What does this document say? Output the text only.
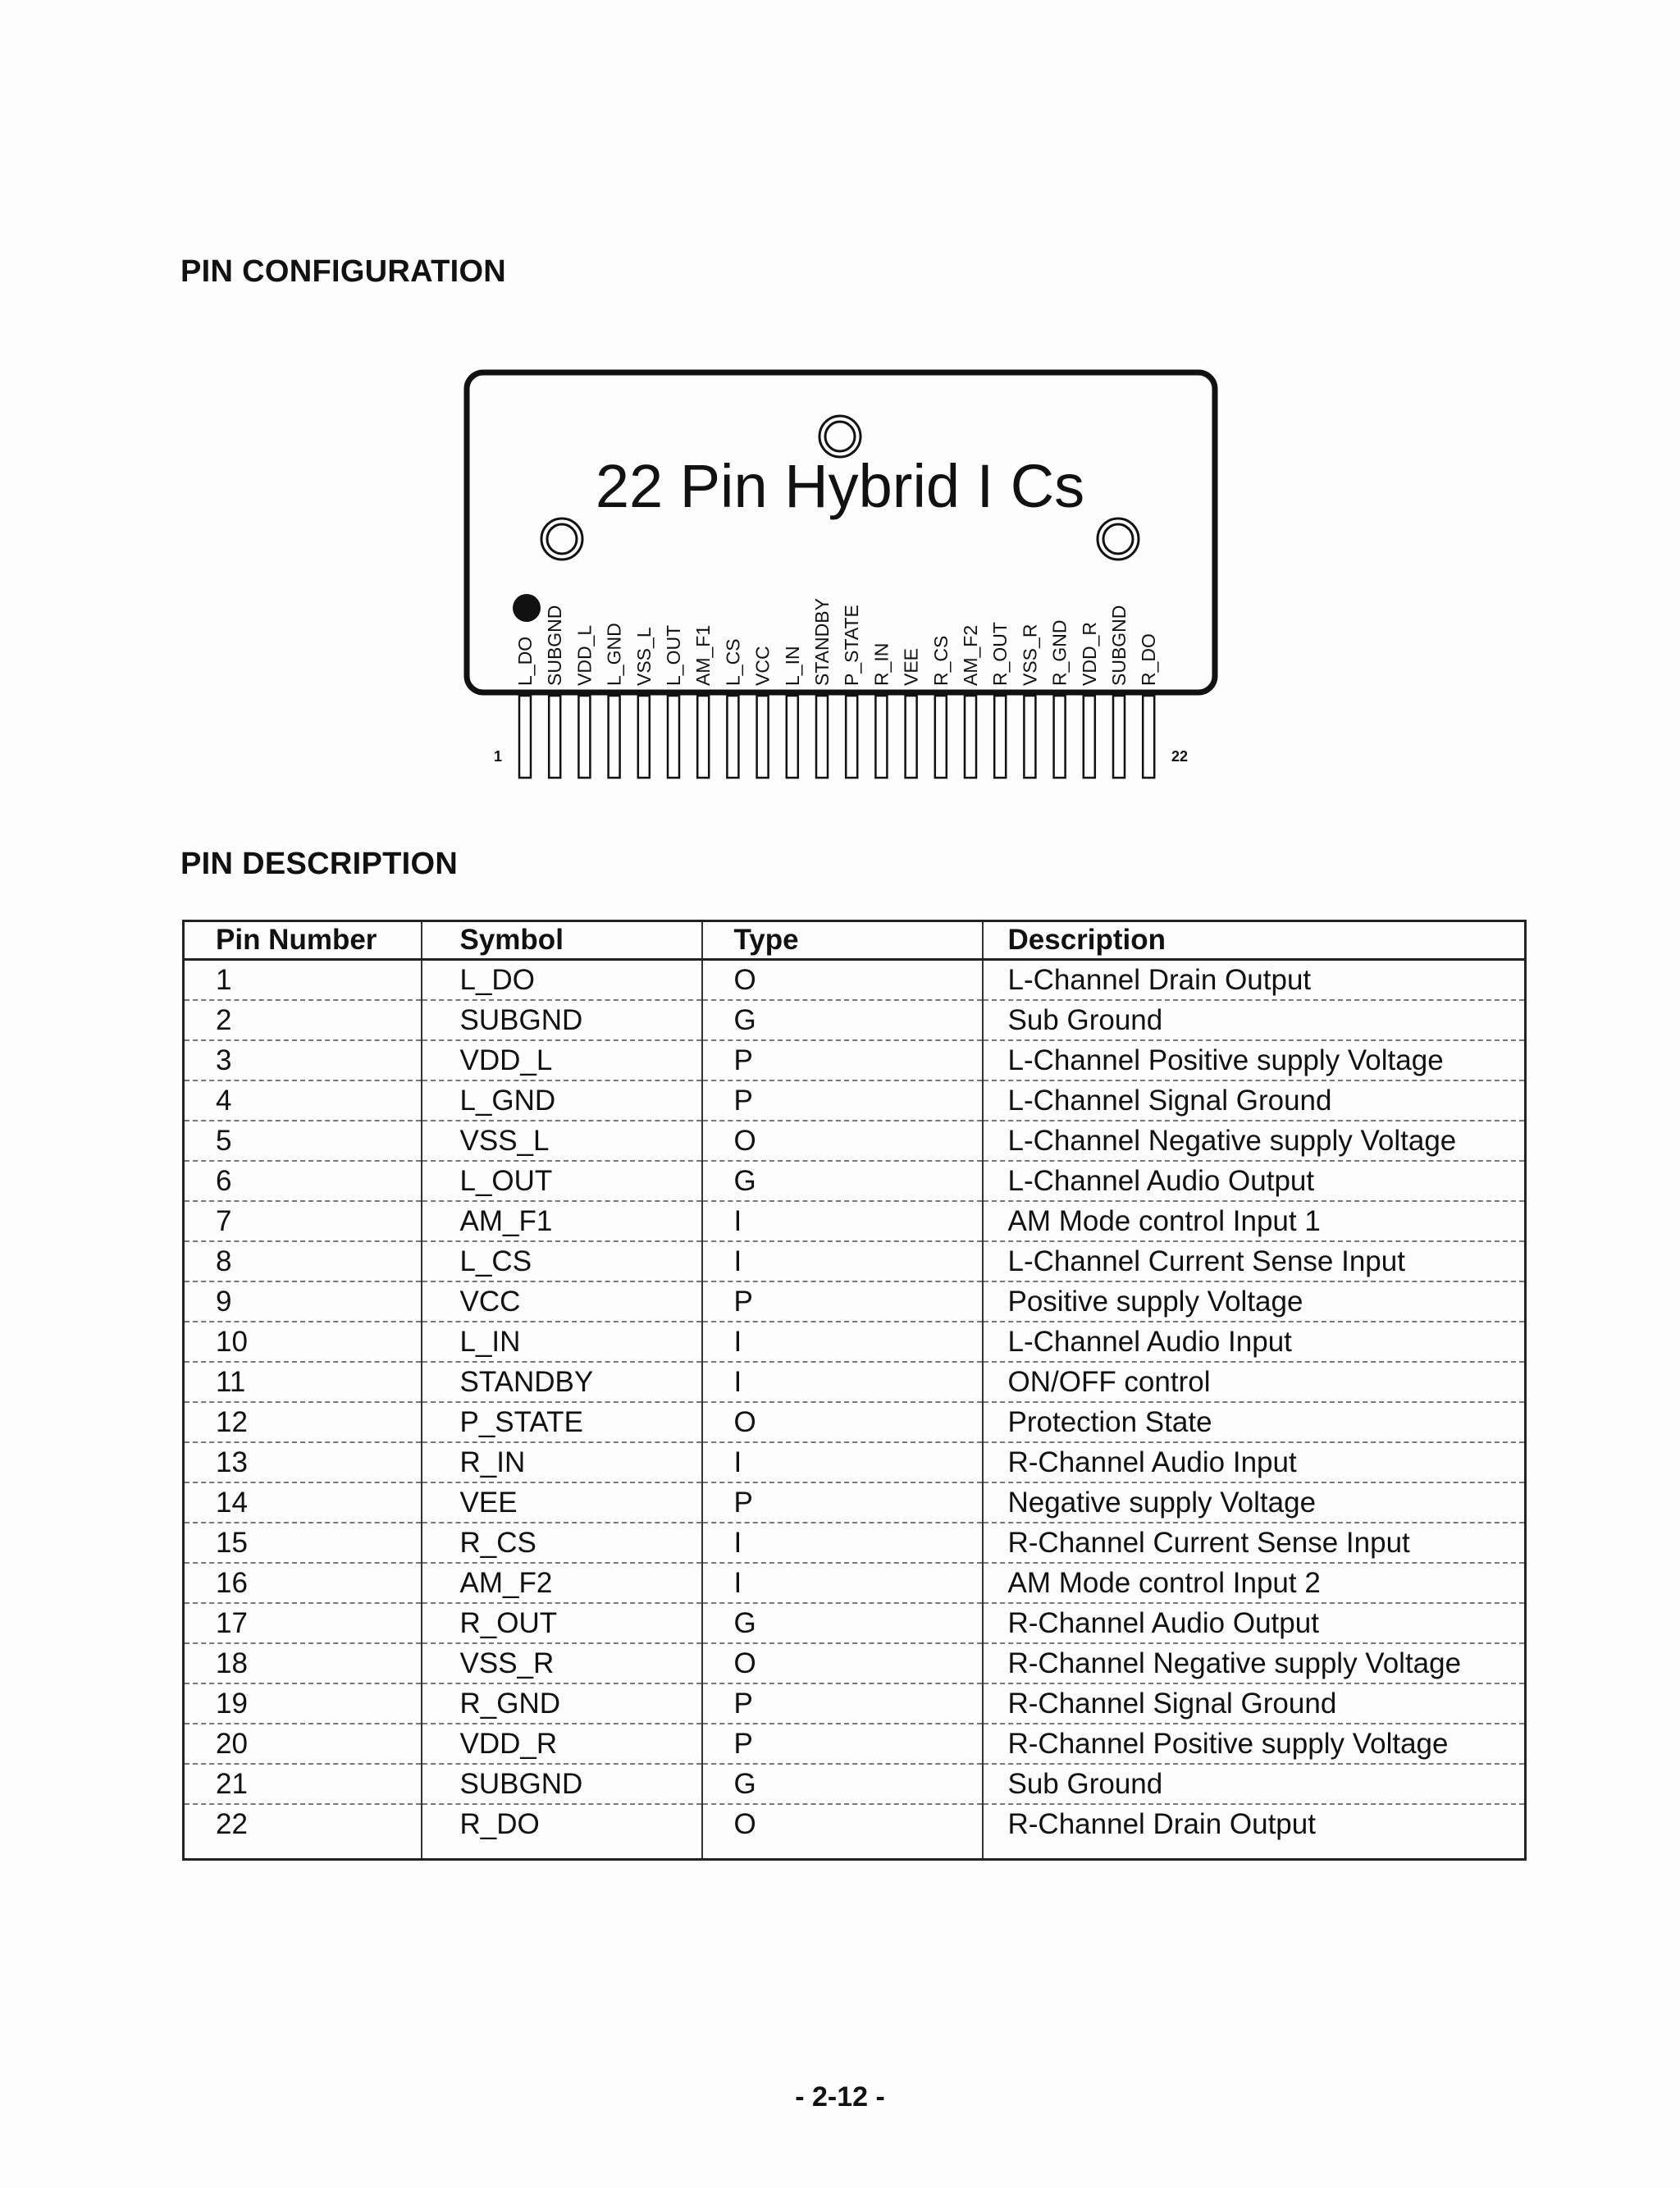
PIN CONFIGURATION
22 Pin Hybrid I Cs
L_DO SUBGND VDD_L L_GND VSS_L L_OUT AM_F1 L_CS VCC L_IN STANDBY P_STATE R_IN VEE R_CS AM_F2 R_OUT VSS_R R_GND VDD_R SUBGND R_DO
1	22
PIN DESCRIPTION
Pin Number	Symbol	Type	Description
1	L_DO	O	L-Channel Drain Output
2	SUBGND	G	Sub Ground
3	VDD_L	P	L-Channel Positive supply Voltage
4	L_GND	P	L-Channel Signal Ground
5	VSS_L	O	L-Channel Negative supply Voltage
6	L_OUT	G	L-Channel Audio Output
7	AM_F1	I	AM Mode control Input 1
8	L_CS	I	L-Channel Current Sense Input
9	VCC	P	Positive supply Voltage
10	L_IN	I	L-Channel Audio Input
11	STANDBY	I	ON/OFF control
12	P_STATE	O	Protection State
13	R_IN	I	R-Channel Audio Input
14	VEE	P	Negative supply Voltage
15	R_CS	I	R-Channel Current Sense Input
16	AM_F2	I	AM Mode control Input 2
17	R_OUT	G	R-Channel Audio Output
18	VSS_R	O	R-Channel Negative supply Voltage
19	R_GND	P	R-Channel Signal Ground
20	VDD_R	P	R-Channel Positive supply Voltage
21	SUBGND	G	Sub Ground
22	R_DO	O	R-Channel Drain Output
- 2-12 -
